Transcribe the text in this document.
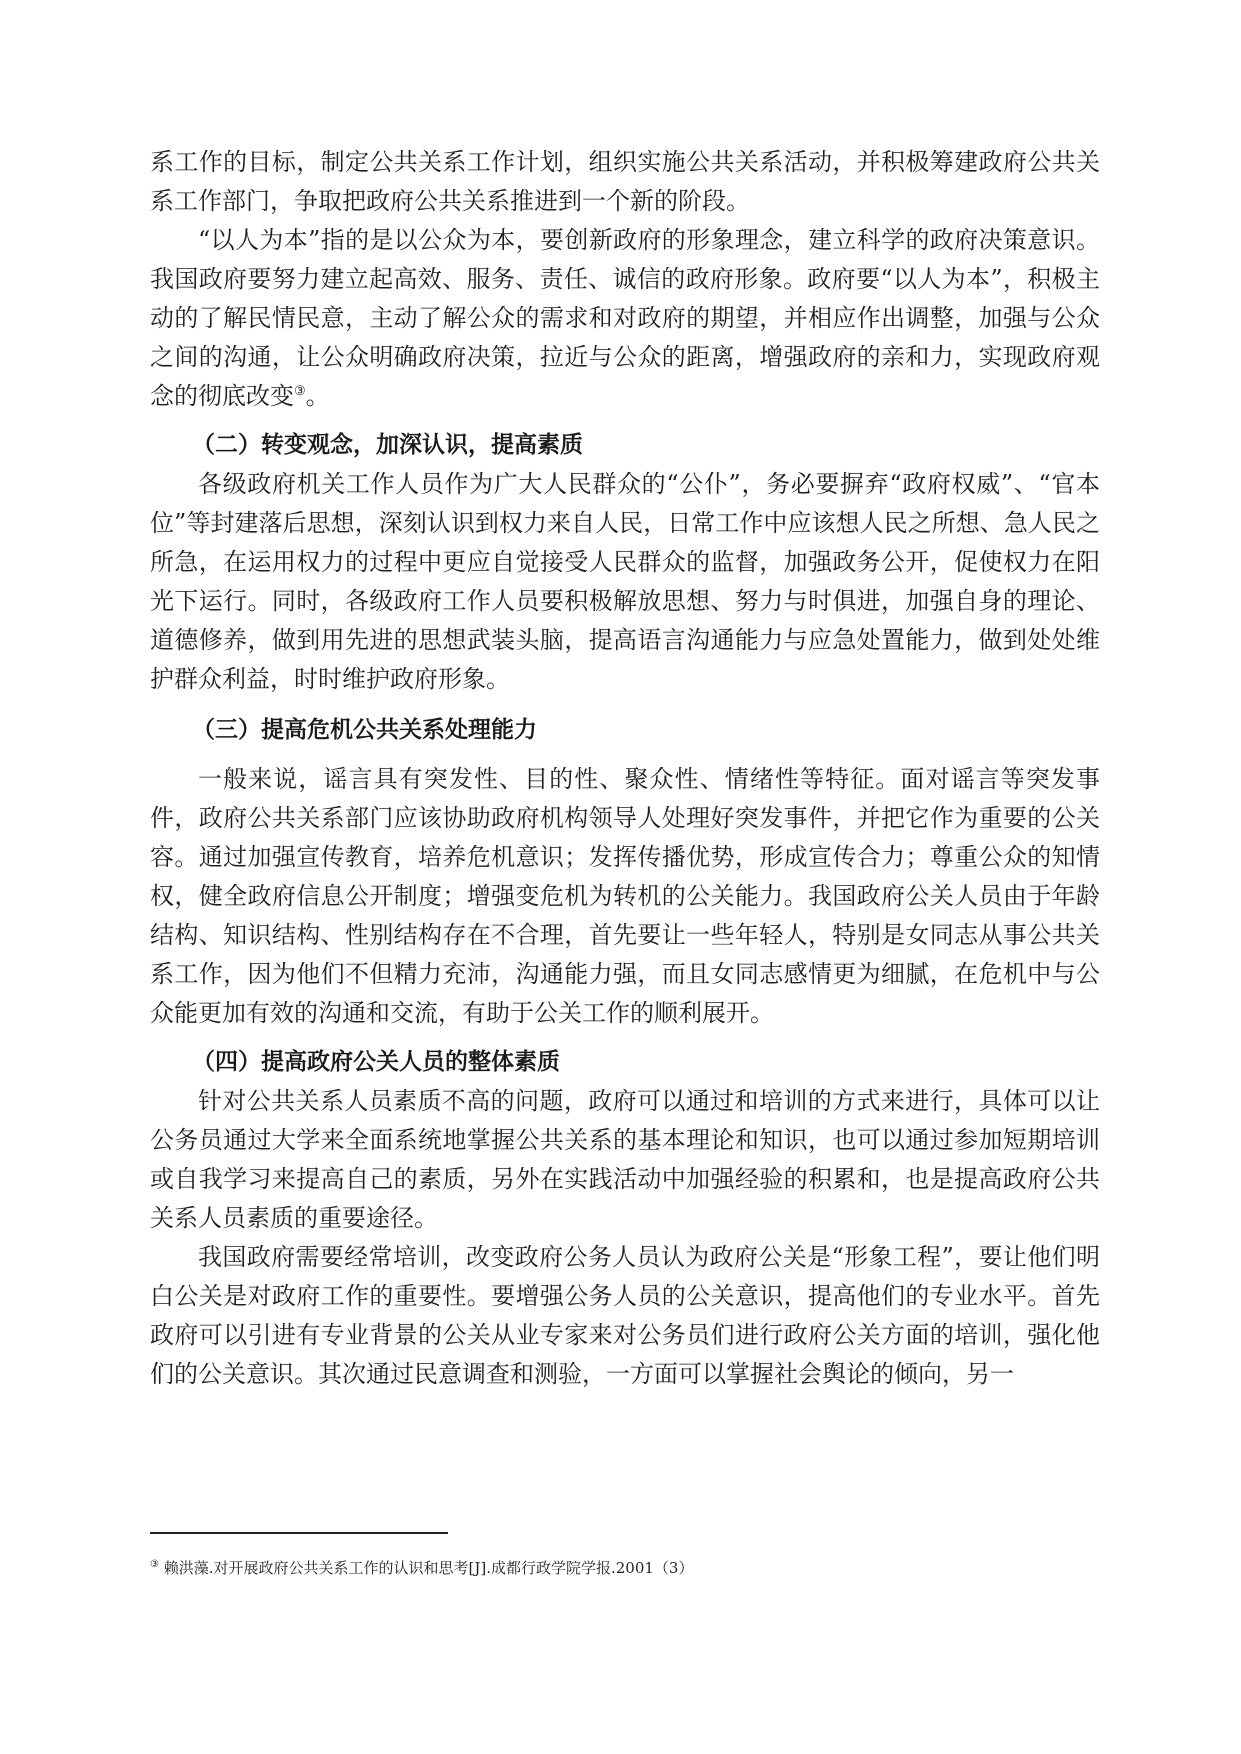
系工作的目标，制定公共关系工作计划，组织实施公共关系活动，并积极筹建政府公共关系工作部门，争取把政府公共关系推进到一个新的阶段。

“以人为本”指的是以公众为本，要创新政府的形象理念，建立科学的政府决策意识。我国政府要努力建立起高效、服务、责任、诚信的政府形象。政府要“以人为本”，积极主动的了解民情民意，主动了解公众的需求和对政府的期望，并相应作出调整，加强与公众之间的沟通，让公众明确政府决策，拉近与公众的距离，增强政府的亲和力，实现政府观念的彻底改变③。

（二）转变观念，加深认识，提高素质

各级政府机关工作人员作为广大人民群众的“公仆”，务必要摒弃“政府权威”、“官本位”等封建落后思想，深刻认识到权力来自人民，日常工作中应该想人民之所想、急人民之所急，在运用权力的过程中更应自觉接受人民群众的监督，加强政务公开，促使权力在阳光下运行。同时，各级政府工作人员要积极解放思想、努力与时俱进，加强自身的理论、道德修养，做到用先进的思想武装头脑，提高语言沟通能力与应急处置能力，做到处处维护群众利益，时时维护政府形象。

（三）提高危机公共关系处理能力

一般来说，谣言具有突发性、目的性、聚众性、情绪性等特征。面对谣言等突发事件，政府公共关系部门应该协助政府机构领导人处理好突发事件，并把它作为重要的公关容。通过加强宣传教育，培养危机意识；发挥传播优势，形成宣传合力；尊重公众的知情权，健全政府信息公开制度；增强变危机为转机的公关能力。我国政府公关人员由于年龄结构、知识结构、性别结构存在不合理，首先要让一些年轻人，特别是女同志从事公共关系工作，因为他们不但精力充沛，沟通能力强，而且女同志感情更为细腻，在危机中与公众能更加有效的沟通和交流，有助于公关工作的顺利展开。

（四）提高政府公关人员的整体素质

针对公共关系人员素质不高的问题，政府可以通过和培训的方式来进行，具体可以让公务员通过大学来全面系统地掌握公共关系的基本理论和知识，也可以通过参加短期培训或自我学习来提高自己的素质，另外在实践活动中加强经验的积累和，也是提高政府公共关系人员素质的重要途径。

我国政府需要经常培训，改变政府公务人员认为政府公关是“形象工程”，要让他们明白公关是对政府工作的重要性。要增强公务人员的公关意识，提高他们的专业水平。首先政府可以引进有专业背景的公关从业专家来对公务员们进行政府公关方面的培训，强化他们的公关意识。其次通过民意调查和测验，一方面可以掌握社会舆论的倾向，另一

③ 赖洪藻.对开展政府公共关系工作的认识和思考[J].成都行政学院学报.2001（3）
